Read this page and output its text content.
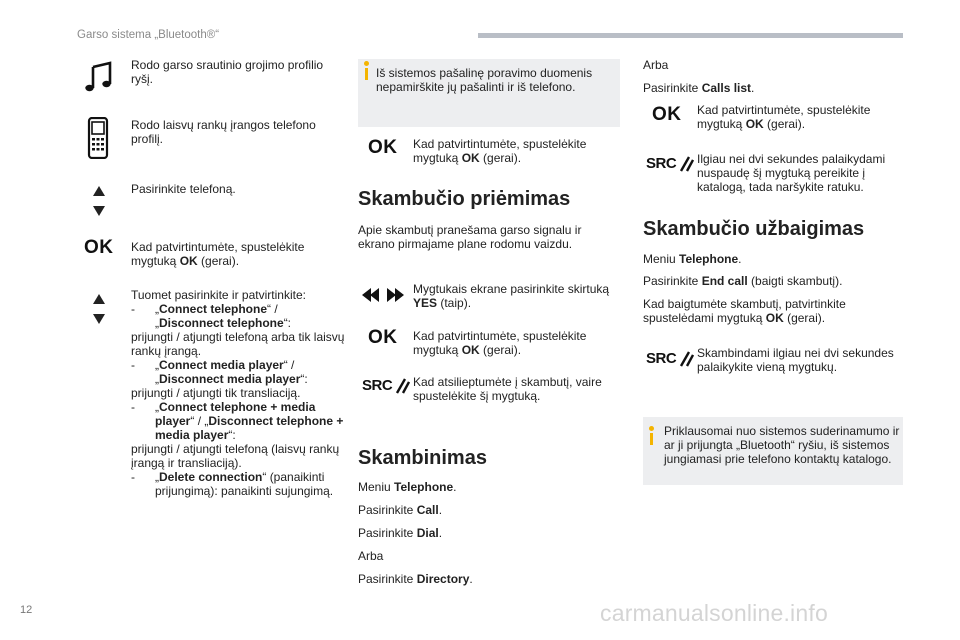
Garso sistema „Bluetooth®“
Rodo garso srautinio grojimo profilio ryšį.
Rodo laisvų rankų įrangos telefono profilį.
Pasirinkite telefoną.
OK Kad patvirtintumėte, spustelėkite mygtuką OK (gerai).
Tuomet pasirinkite ir patvirtinkite:
-	„Connect telephone“ / „Disconnect telephone“:
prijungti / atjungti telefoną arba tik laisvų rankų įrangą.
-	„Connect media player“ / „Disconnect media player“:
prijungti / atjungti tik transliaciją.
-	„Connect telephone + media player“ / „Disconnect telephone + media player“:
prijungti / atjungti telefoną (laisvų rankų įrangą ir transliaciją).
-	„Delete connection“ (panaikinti prijungimą): panaikinti sujungimą.
Iš sistemos pašalinę poravimo duomenis nepamirškite jų pašalinti ir iš telefono.
OK Kad patvirtintumėte, spustelėkite mygtuką OK (gerai).
Skambučio priėmimas
Apie skambutį pranešama garso signalu ir ekrano pirmajame plane rodomu vaizdu.
Mygtukais ekrane pasirinkite skirtuką YES (taip).
OK Kad patvirtintumėte, spustelėkite mygtuką OK (gerai).
SRC Kad atsilieptumėte į skambutį, vaire spustelėkite šį mygtuką.
Skambinimas
Meniu Telephone.
Pasirinkite Call.
Pasirinkite Dial.
Arba
Pasirinkite Directory.
Arba
Pasirinkite Calls list.
OK Kad patvirtintumėte, spustelėkite mygtuką OK (gerai).
SRC Ilgiau nei dvi sekundes palaikydami nuspaudę šį mygtuką pereikite į katalogą, tada naršykite ratuku.
Skambučio užbaigimas
Meniu Telephone.
Pasirinkite End call (baigti skambutį).
Kad baigtumėte skambutį, patvirtinkite spustelėdami mygtuką OK (gerai).
SRC Skambindami ilgiau nei dvi sekundes palaikykite vieną mygtukų.
Priklausomai nuo sistemos suderinamumo ir ar ji prijungta „Bluetooth“ ryšiu, iš sistemos jungiamasi prie telefono kontaktų katalogo.
12	carmanualsonline.info
